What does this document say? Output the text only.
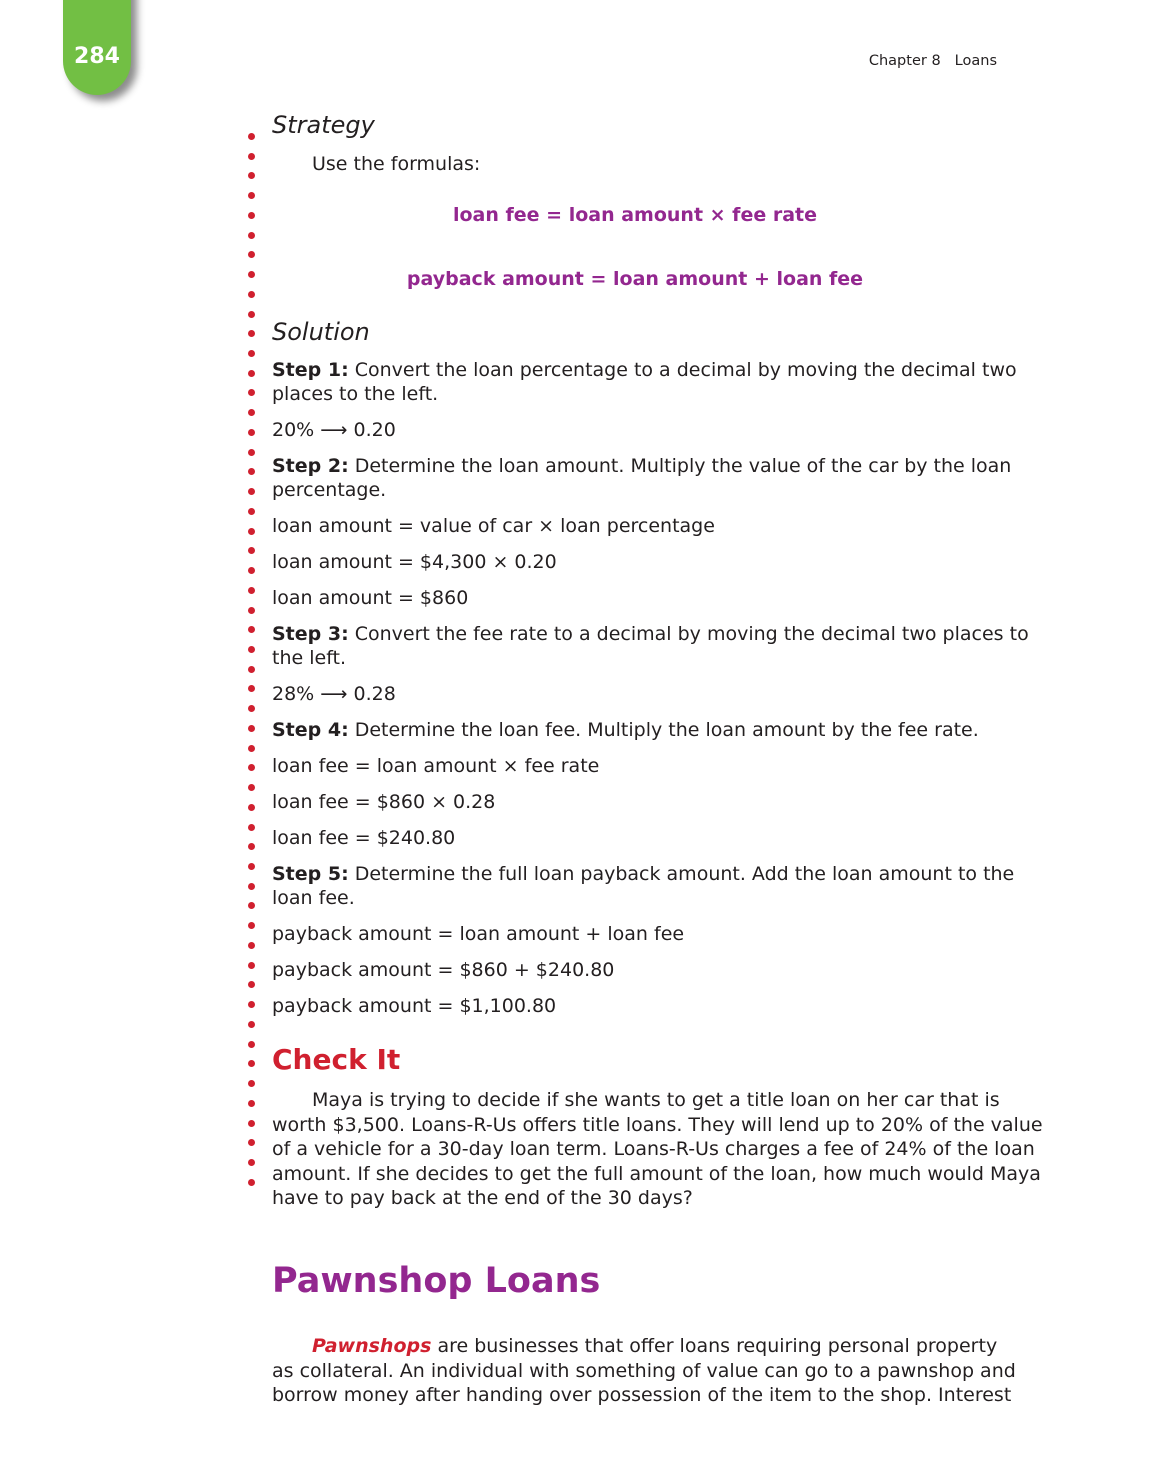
284	Chapter 8 Loans
Strategy
Use the formulas:
loan fee = loan amount × fee rate
payback amount = loan amount + loan fee
Solution
Check It
Pawnshop Loans
Step 1: Convert the loan percentage to a decimal by moving the decimal two
places to the left.
20% ⟶ 0.20
Step 2: Determine the loan amount. Multiply the value of the car by the loan
percentage.
loan amount = value of car × loan percentage
loan amount = $4,300 × 0.20
loan amount = $860
Step 3: Convert the fee rate to a decimal by moving the decimal two places to
the left.
28% ⟶ 0.28
Step 4: Determine the loan fee. Multiply the loan amount by the fee rate.
loan fee = loan amount × fee rate
loan fee = $860 × 0.28
loan fee = $240.80
Step 5: Determine the full loan payback amount. Add the loan amount to the
loan fee.
payback amount = loan amount + loan fee
payback amount = $860 + $240.80
payback amount = $1,100.80
Maya is trying to decide if she wants to get a title loan on her car that is
worth $3,500. Loans-R-Us offers title loans. They will lend up to 20% of the value
of a vehicle for a 30-day loan term. Loans-R-Us charges a fee of 24% of the loan
amount. If she decides to get the full amount of the loan, how much would Maya
have to pay back at the end of the 30 days?
Pawnshops are businesses that offer loans requiring personal property
as collateral. An individual with something of value can go to a pawnshop and
borrow money after handing over possession of the item to the shop. Interest
